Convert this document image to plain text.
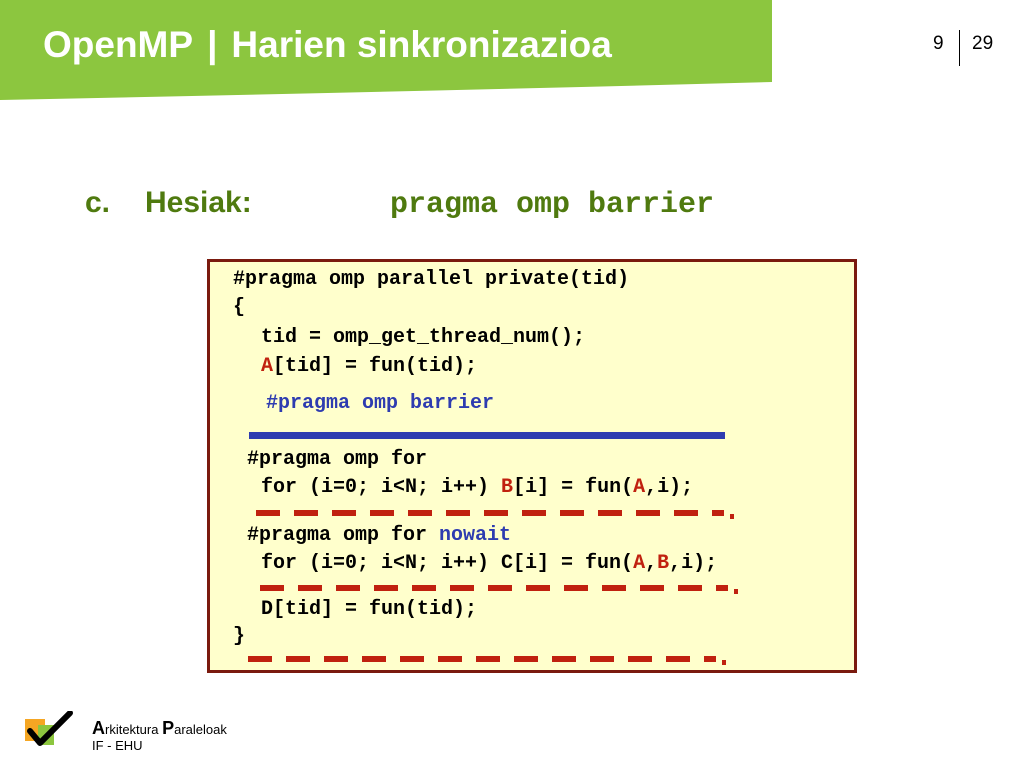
OpenMP | Harien sinkronizazioa	9 29
c. Hesiak:	pragma omp barrier
#pragma omp parallel private(tid)
{
tid = omp_get_thread_num();
A[tid] = fun(tid);
#pragma omp barrier
#pragma omp for
for (i=0; i<N; i++) B[i] = fun(A,i);
#pragma omp for nowait
for (i=0; i<N; i++) C[i] = fun(A,B,i);
D[tid] = fun(tid);
}
Arkitektura Paraleloak
IF - EHU
